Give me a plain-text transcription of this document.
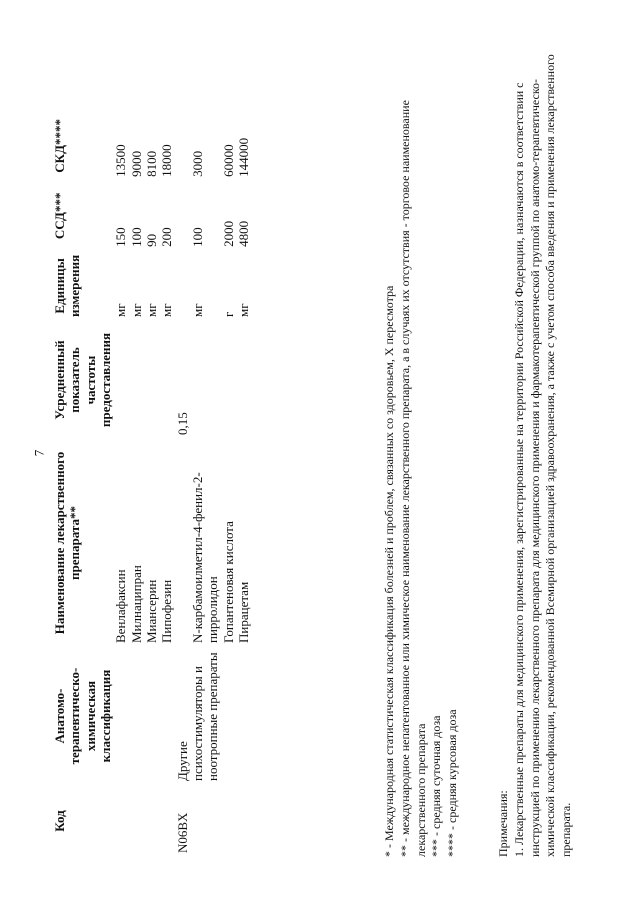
7
Код	Анатомо-терапевтическо-химическая классификация	Наименование лекарственного препарата**	Усредненный показатель частоты предоставления	Единицы измерения	ССД***	СКД****
		Венлафаксин		мг	150	13500
		Милнаципран		мг	100	9000
		Миансерин		мг	90	8100
		Пипофезин		мг	200	18000
N06BX	Другие психостимуляторы и ноотропные препараты		0,15			
		N-карбамоилметил-4-фенил-2-пирролидон		мг	100	3000
		Гопантеновая кислота		г	2000	60000
		Пирацетам		мг	4800	144000
* - Международная статистическая классификация болезней и проблем, связанных со здоровьем, X пересмотра ** - международное непатентованное или химическое наименование лекарственного препарата, а в случаях их отсутствия - торговое наименование лекарственного препарата *** - средняя суточная доза **** - средняя курсовая доза	Примечания: 1. Лекарственные препараты для медицинского применения, зарегистрированные на территории Российской Федерации, назначаются в соответствии с инструкцией по применению лекарственного препарата для медицинского применения и фармакотерапевтической группой по анатомо-терапевтическо-химической классификации, рекомендованной Всемирной организацией здравоохранения, а также с учетом способа введения и применения лекарственного препарата.
